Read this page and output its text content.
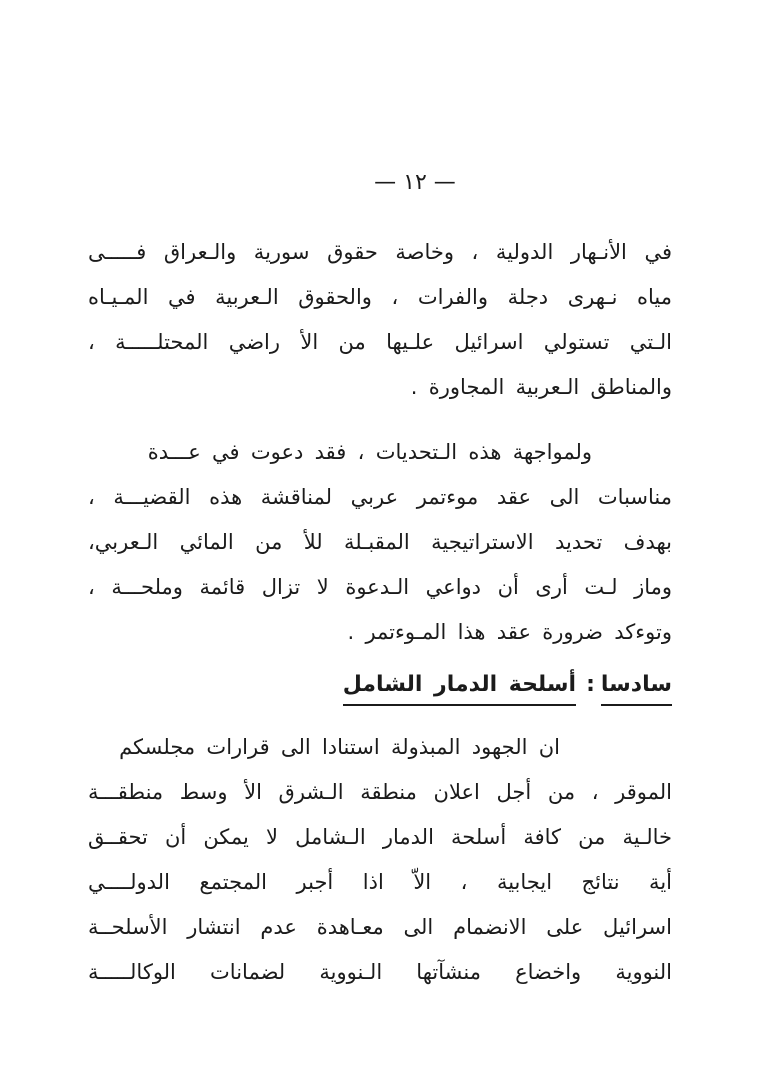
— ١٢ —
في الأنـهار الدولية ، وخاصة حقوق سورية والـعراق فـــــى
مياه نـهرى دجلة والفرات ، والحقوق الـعربية في المـيـاه
الـتي تستولي اسرائيل علـيها من الأ راضي المحتلـــــة ،
والمناطق الـعربية المجاورة .
ولمواجهة هذه الـتحديات ، فقد دعوت في عـــدة
مناسبات الى عقد موءتمر عربي لمناقشة هذه القضيـــة ،
بهدف تحديد الاستراتيجية المقبـلة للأ من المائي الـعربي،
وماز لـت أرى أن دواعي الـدعوة لا تزال قائمة وملحـــة ،
وتوءكد ضرورة عقد هذا المـوءتمر .
سادسا:أسلحة الدمار الشامل
ان الجهود المبذولة استنادا الى قرارات مجلسكم
الموقر ، من أجل اعلان منطقة الـشرق الأ وسط منطقـــة
خالـية من كافة أسلحة الدمار الـشامل لا يمكن أن تحقــق
أية نتائج ايجابية ، الاّ اذا أجبر المجتمع الدولــــي
اسرائيل على الانضمام الى معـاهدة عدم انتشار الأسلحــة
النووية واخضاع منشآتها الـنووية لضمانات الوكالـــــة
